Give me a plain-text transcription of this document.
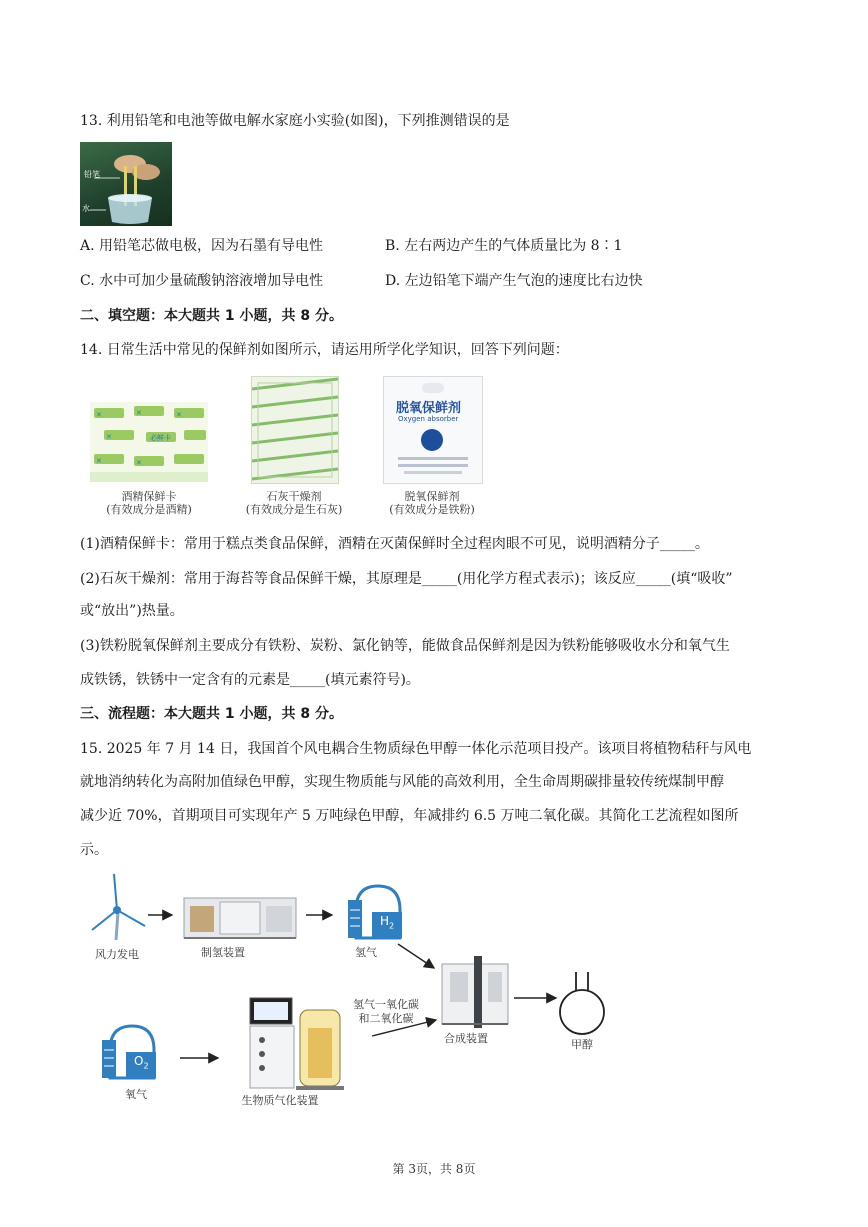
13. 利用铅笔和电池等做电解水家庭小实验(如图)，下列推测错误的是
铅笔
水
A. 用铅笔芯做电极，因为石墨有导电性	B. 左右两边产生的气体质量比为 8∶1
C. 水中可加少量硫酸钠溶液增加导电性	D. 左边铅笔下端产生气泡的速度比右边快
二、填空题：本大题共 1 小题，共 8 分。
14. 日常生活中常见的保鲜剂如图所示，请运用所学化学知识，回答下列问题：
✕	✕	✕
✕
✕	✕
必鲜卡
酒精保鲜卡
(有效成分是酒精)
石灰干燥剂
(有效成分是生石灰)
脱氧保鲜剂
Oxygen absorber
脱氧保鲜剂
(有效成分是铁粉)
(1)酒精保鲜卡：常用于糕点类食品保鲜，酒精在灭菌保鲜时全过程肉眼不可见，说明酒精分子_____。
(2)石灰干燥剂：常用于海苔等食品保鲜干燥，其原理是_____(用化学方程式表示)；该反应_____(填“吸收”
或“放出”)热量。
(3)铁粉脱氧保鲜剂主要成分有铁粉、炭粉、氯化钠等，能做食品保鲜剂是因为铁粉能够吸收水分和氧气生
成铁锈，铁锈中一定含有的元素是_____(填元素符号)。
三、流程题：本大题共 1 小题，共 8 分。
15. 2025 年 7 月 14 日，我国首个风电耦合生物质绿色甲醇一体化示范项目投产。该项目将植物秸秆与风电
就地消纳转化为高附加值绿色甲醇，实现生物质能与风能的高效利用，全生命周期碳排量较传统煤制甲醇
减少近 70%，首期项目可实现年产 5 万吨绿色甲醇，年减排约 6.5 万吨二氧化碳。其简化工艺流程如图所
示。
风力发电	制氢装置	氢气
$H_2$
氢气一氧化碳
和二氧化碳
合成装置	甲醇
$O_2$
氧气	生物质气化装置
第 3页，共 8页
